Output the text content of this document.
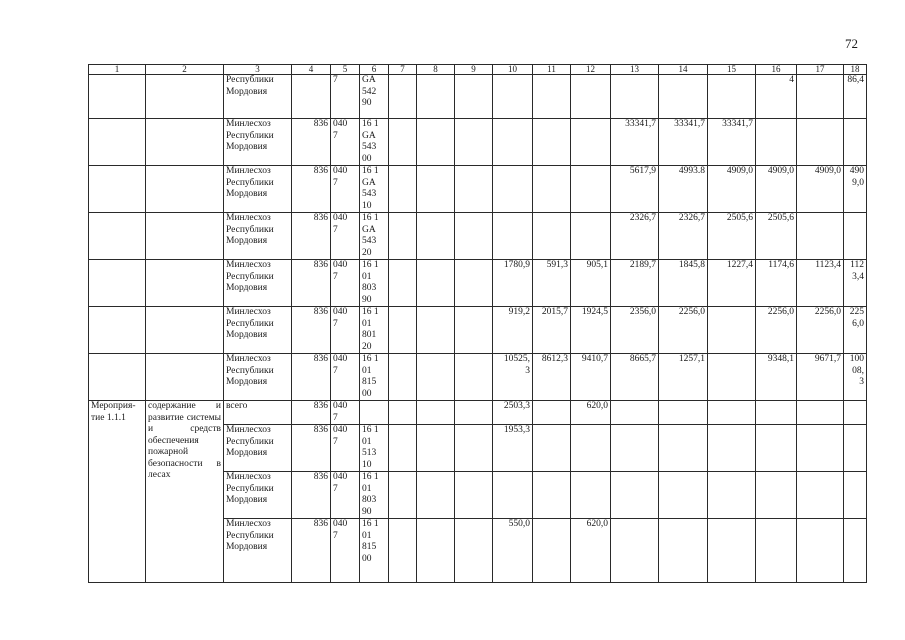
72
1	2	3	4	5	6	7	8	9	10	11	12	13	14	15	16	17	18
		Республики
Мордовия		7	GA
542
90										4		86,4
		Минлесхоз
Республики
Мордовия	836	040
7	16 1
GA
543
00							33341,7	33341,7	33341,7			
		Минлесхоз
Республики
Мордовия	836	040
7	16 1
GA
543
10							5617,9	4993.8	4909,0	4909,0	4909,0	490
9,0
		Минлесхоз
Республики
Мордовия	836	040
7	16 1
GA
543
20							2326,7	2326,7	2505,6	2505,6		
		Минлесхоз
Республики
Мордовия	836	040
7	16 1
01
803
90				1780,9	591,3	905,1	2189,7	1845,8	1227,4	1174,6	1123,4	112
3,4
		Минлесхоз
Республики
Мордовия	836	040
7	16 1
01
801
20				919,2	2015,7	1924,5	2356,0	2256,0		2256,0	2256,0	225
6,0
		Минлесхоз
Республики
Мордовия	836	040
7	16 1
01
815
00				10525,
3	8612,3	9410,7	8665,7	1257,1		9348,1	9671,7	100
08,
3
Мероприя-
тие 1.1.1	содержание и развитие системы и средств обеспечения пожарной безопасности в лесах	всего	836	040
7					2503,3		620,0						
		Минлесхоз
Республики
Мордовия	836	040
7	16 1
01
513
10				1953,3								
		Минлесхоз
Республики
Мордовия	836	040
7	16 1
01
803
90												
		Минлесхоз
Республики
Мордовия	836	040
7	16 1
01
815
00				550,0		620,0						
